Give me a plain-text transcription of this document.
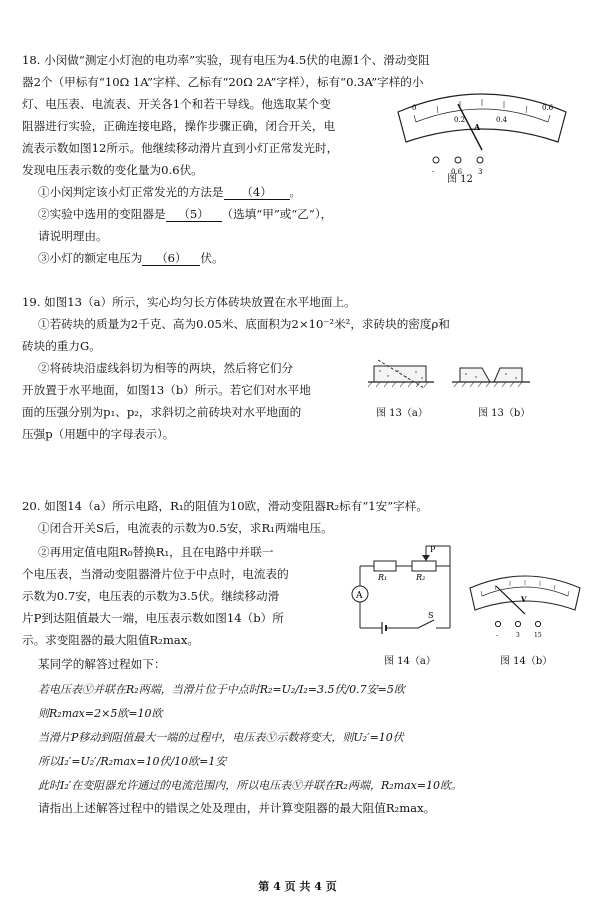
18. 小闵做“测定小灯泡的电功率”实验，现有电压为4.5伏的电源1个、滑动变阻
器2个（甲标有“10Ω 1A”字样、乙标有“20Ω 2A”字样），标有“0.3A”字样的小
灯、电压表、电流表、开关各1个和若干导线。他选取某个变
阻器进行实验，正确连接电路，操作步骤正确，闭合开关，电
流表示数如图12所示。他继续移动滑片直到小灯正常发光时，
发现电压表示数的变化量为0.6伏。
①小闵判定该小灯正常发光的方法是 （4） 。
②实验中选用的变阻器是 （5） （选填“甲”或“乙”），
请说明理由。
③小灯的额定电压为 （6） 伏。
0
0.2	0.4
0.6
A
- 0.6 3
图 12
19. 如图13（a）所示，实心均匀长方体砖块放置在水平地面上。
①若砖块的质量为2千克、高为0.05米、底面积为2×10⁻²米²，求砖块的密度ρ和
砖块的重力G。
②将砖块沿虚线斜切为相等的两块，然后将它们分
开放置于水平地面，如图13（b）所示。若它们对水平地
面的压强分别为p₁、p₂，求斜切之前砖块对水平地面的
压强p（用题中的字母表示）。
图 13（a）	图 13（b）
20. 如图14（a）所示电路，R₁的阻值为10欧，滑动变阻器R₂标有“1安”字样。
①闭合开关S后，电流表的示数为0.5安，求R₁两端电压。
②再用定值电阻R₀替换R₁，且在电路中并联一
个电压表，当滑动变阻器滑片位于中点时，电流表的
示数为0.7安，电压表的示数为3.5伏。继续移动滑
片P到达阻值最大一端，电压表示数如图14（b）所
示。求变阻器的最大阻值R₂max。
某同学的解答过程如下：
若电压表Ⓥ并联在R₂两端，当滑片位于中点时R₂=U₂/I₂=3.5伏/0.7安=5欧
则R₂max=2×5欧=10欧
当滑片P移动到阻值最大一端的过程中，电压表Ⓥ示数将变大，则U₂′=10伏
所以I₂′=U₂′/R₂max=10伏/10欧=1安
此时I₂′在变阻器允许通过的电流范围内，所以电压表Ⓥ并联在R₂两端，R₂max=10欧。
请指出上述解答过程中的错误之处及理由，并计算变阻器的最大阻值R₂max。
P
R₁	R₂
A
S
图 14（a）
V
-	3 15
图 14（b）
第 4 页 共 4 页
